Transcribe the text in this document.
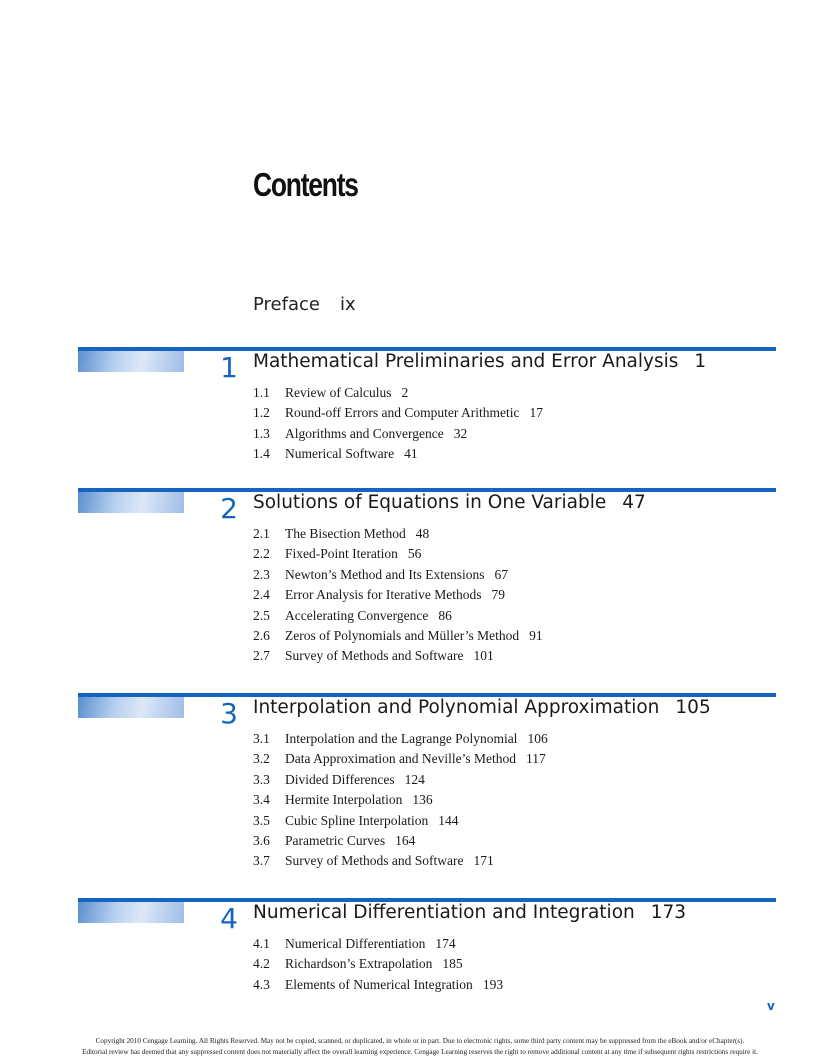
Contents
Preface ix
1 Mathematical Preliminaries and Error Analysis 1
1.1 Review of Calculus 2
1.2 Round-off Errors and Computer Arithmetic 17
1.3 Algorithms and Convergence 32
1.4 Numerical Software 41
2 Solutions of Equations in One Variable 47
2.1 The Bisection Method 48
2.2 Fixed-Point Iteration 56
2.3 Newton’s Method and Its Extensions 67
2.4 Error Analysis for Iterative Methods 79
2.5 Accelerating Convergence 86
2.6 Zeros of Polynomials and Müller’s Method 91
2.7 Survey of Methods and Software 101
3 Interpolation and Polynomial Approximation 105
3.1 Interpolation and the Lagrange Polynomial 106
3.2 Data Approximation and Neville’s Method 117
3.3 Divided Differences 124
3.4 Hermite Interpolation 136
3.5 Cubic Spline Interpolation 144
3.6 Parametric Curves 164
3.7 Survey of Methods and Software 171
4 Numerical Differentiation and Integration 173
4.1 Numerical Differentiation 174
4.2 Richardson’s Extrapolation 185
4.3 Elements of Numerical Integration 193
v
Copyright 2010 Cengage Learning. All Rights Reserved. May not be copied, scanned, or duplicated, in whole or in part. Due to electronic rights, some third party content may be suppressed from the eBook and/or eChapter(s).
Editorial review has deemed that any suppressed content does not materially affect the overall learning experience. Cengage Learning reserves the right to remove additional content at any time if subsequent rights restrictions require it.
